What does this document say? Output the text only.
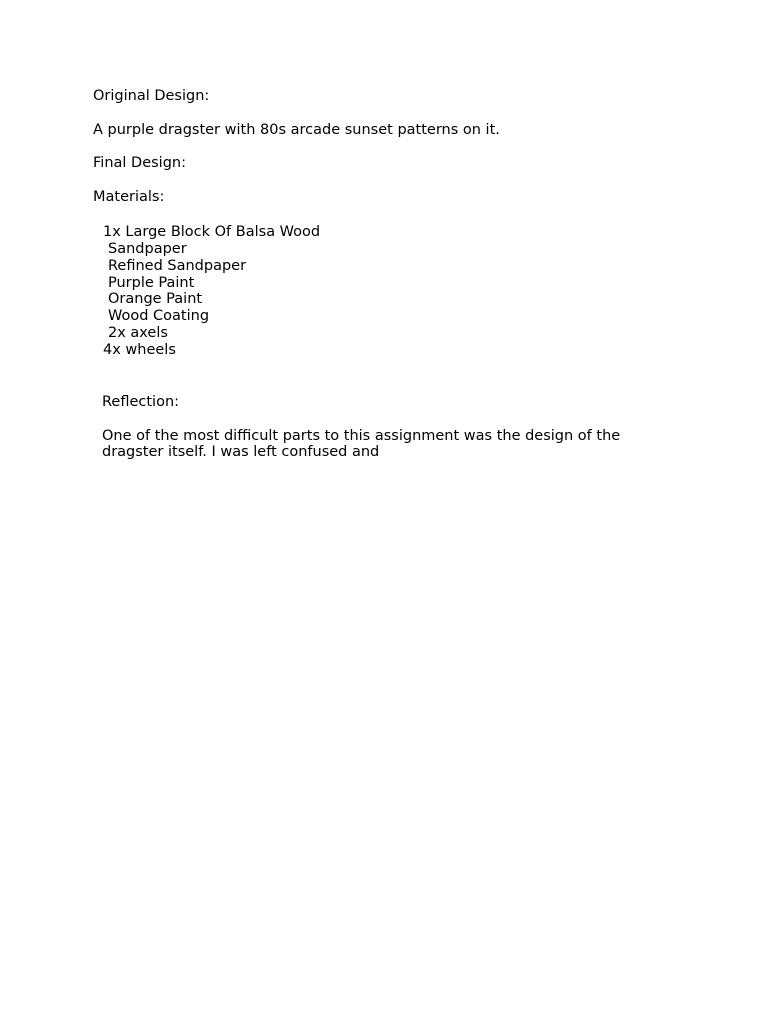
Original Design:
A purple dragster with 80s arcade sunset patterns on it.
Final Design:
Materials:
1x Large Block Of Balsa Wood
Sandpaper
Refined Sandpaper
Purple Paint
Orange Paint
Wood Coating
2x axels
4x wheels
Reflection:
One of the most difficult parts to this assignment was the design of the
dragster itself. I was left confused and
